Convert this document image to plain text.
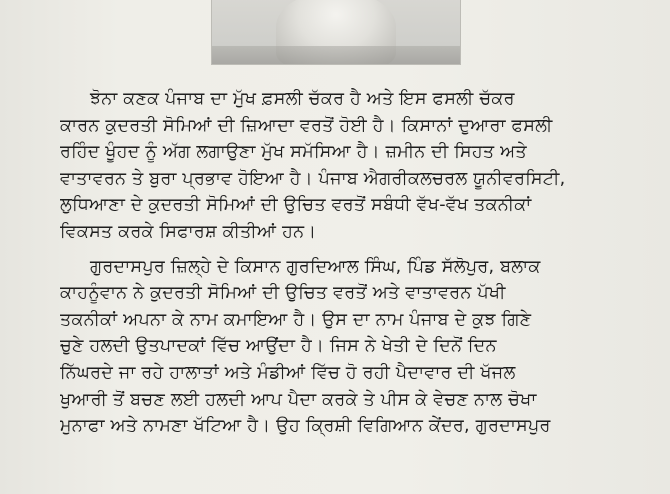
ਝੋਨਾ ਕਣਕ ਪੰਜਾਬ ਦਾ ਮੁੱਖ ਫ਼ਸਲੀ ਚੱਕਰ ਹੈ ਅਤੇ ਇਸ ਫਸਲੀ ਚੱਕਰ
ਕਾਰਨ ਕੁਦਰਤੀ ਸੋਮਿਆਂ ਦੀ ਜ਼ਿਆਦਾ ਵਰਤੋਂ ਹੋਈ ਹੈ। ਕਿਸਾਨਾਂ ਦੁਆਰਾ ਫਸਲੀ
ਰਹਿੰਦ ਖੂੰਹਦ ਨੂੰ ਅੱਗ ਲਗਾਉਣਾ ਮੁੱਖ ਸਮੱਸਿਆ ਹੈ। ਜ਼ਮੀਨ ਦੀ ਸਿਹਤ ਅਤੇ
ਵਾਤਾਵਰਨ ਤੇ ਬੁਰਾ ਪ੍ਰਭਾਵ ਹੋਇਆ ਹੈ। ਪੰਜਾਬ ਐਗਰੀਕਲਚਰਲ ਯੂਨੀਵਰਸਿਟੀ,
ਲੁਧਿਆਣਾ ਦੇ ਕੁਦਰਤੀ ਸੋਮਿਆਂ ਦੀ ਉਚਿਤ ਵਰਤੋਂ ਸਬੰਧੀ ਵੱਖ-ਵੱਖ ਤਕਨੀਕਾਂ
ਵਿਕਸਤ ਕਰਕੇ ਸਿਫਾਰਸ਼ ਕੀਤੀਆਂ ਹਨ।
ਗੁਰਦਾਸਪੁਰ ਜ਼ਿਲ੍ਹੇ ਦੇ ਕਿਸਾਨ ਗੁਰਦਿਆਲ ਸਿੰਘ, ਪਿੰਡ ਸੱਲੋਪੁਰ, ਬਲਾਕ
ਕਾਹਨੂੰਵਾਨ ਨੇ ਕੁਦਰਤੀ ਸੋਮਿਆਂ ਦੀ ਉਚਿਤ ਵਰਤੋਂ ਅਤੇ ਵਾਤਾਵਰਨ ਪੱਖੀ
ਤਕਨੀਕਾਂ ਅਪਨਾ ਕੇ ਨਾਮ ਕਮਾਇਆ ਹੈ। ਉਸ ਦਾ ਨਾਮ ਪੰਜਾਬ ਦੇ ਕੁਝ ਗਿਣੇ
ਚੁਣੇ ਹਲਦੀ ਉਤਪਾਦਕਾਂ ਵਿੱਚ ਆਉਂਦਾ ਹੈ। ਜਿਸ ਨੇ ਖੇਤੀ ਦੇ ਦਿਨੋਂ ਦਿਨ
ਨਿੱਘਰਦੇ ਜਾ ਰਹੇ ਹਾਲਾਤਾਂ ਅਤੇ ਮੰਡੀਆਂ ਵਿੱਚ ਹੋ ਰਹੀ ਪੈਦਾਵਾਰ ਦੀ ਖੱਜਲ
ਖੁਆਰੀ ਤੋਂ ਬਚਣ ਲਈ ਹਲਦੀ ਆਪ ਪੈਦਾ ਕਰਕੇ ਤੇ ਪੀਸ ਕੇ ਵੇਚਣ ਨਾਲ ਚੋਖਾ
ਮੁਨਾਫਾ ਅਤੇ ਨਾਮਣਾ ਖੱਟਿਆ ਹੈ। ਉਹ ਕ੍ਰਿਸ਼ੀ ਵਿਗਿਆਨ ਕੇਂਦਰ, ਗੁਰਦਾਸਪੁਰ
